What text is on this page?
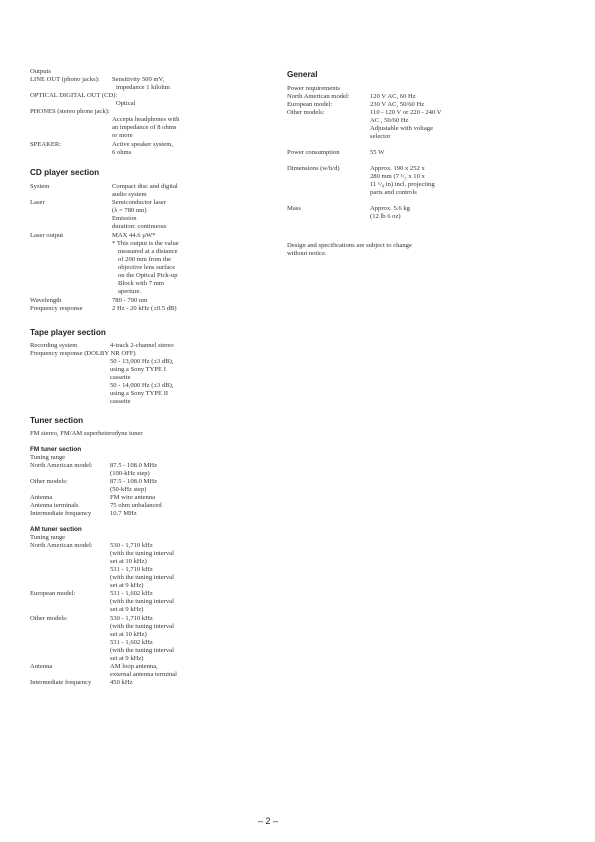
Outputs
LINE OUT (phono jacks): Sensitivity 500 mV,
impedance 1 kilohm
OPTICAL DIGITAL OUT (CD):
Optical
PHONES (stereo phone jack):
Accepts headphones with
an impedance of 8 ohms
or more
SPEAKER:	Active speaker system,
6 ohms
CD player section
System	Compact disc and digital
audio system
Laser	Semiconductor laser
(λ = 780 nm)
Emission
duration: continuous
Laser output	MAX 44.6 µW*
* This output is the value
measured at a distance
of 200 mm from the
objective lens surface
on the Optical Pick-up
Block with 7 mm
aperture.
Wavelength	780 - 790 nm
Frequency response	2 Hz - 20 kHz (±0.5 dB)
Tape player section
Recording system	4-track 2-channel stereo
Frequency response (DOLBY NR OFF)
50 - 13,000 Hz (±3 dB),
using a Sony TYPE I
cassette
50 - 14,000 Hz (±3 dB),
using a Sony TYPE II
cassette
Tuner section
FM stereo, FM/AM superheterodyne tuner
FM tuner section
Tuning range
North American model:	87.5 - 108.0 MHz
(100-kHz step)
Other models:	87.5 - 108.0 MHz
(50-kHz step)
Antenna	FM wire antenna
Antenna terminals	75 ohm unbalanced
Intermediate frequency	10.7 MHz
AM tuner section
Tuning range
North American model:	530 - 1,710 kHz
(with the tuning interval
set at 10 kHz)
531 - 1,710 kHz
(with the tuning interval
set at 9 kHz)
European model:	531 - 1,602 kHz
(with the tuning interval
set at 9 kHz)
Other models:	530 - 1,710 kHz
(with the tuning interval
set at 10 kHz)
531 - 1,602 kHz
(with the tuning interval
set at 9 kHz)
Antenna	AM loop antenna,
external antenna terminal
Intermediate frequency	450 kHz
General
Power requirements
North American model:	120 V AC, 60 Hz
European model:	230 V AC, 50/60 Hz
Other models:	110 - 120 V or 220 - 240 V
AC , 50/60 Hz
Adjustable with voltage
selector
Power consumption	55 W
Dimensions (w/h/d)	Approx. 190 x 252 x
280 mm (7 ¹/₂ x 10 x
11 ¹/₈ in) incl. projecting
parts and controls
Mass	Approx. 5.6 kg
(12 lb 6 oz)
Design and specifications are subject to change
without notice.
– 2 –
